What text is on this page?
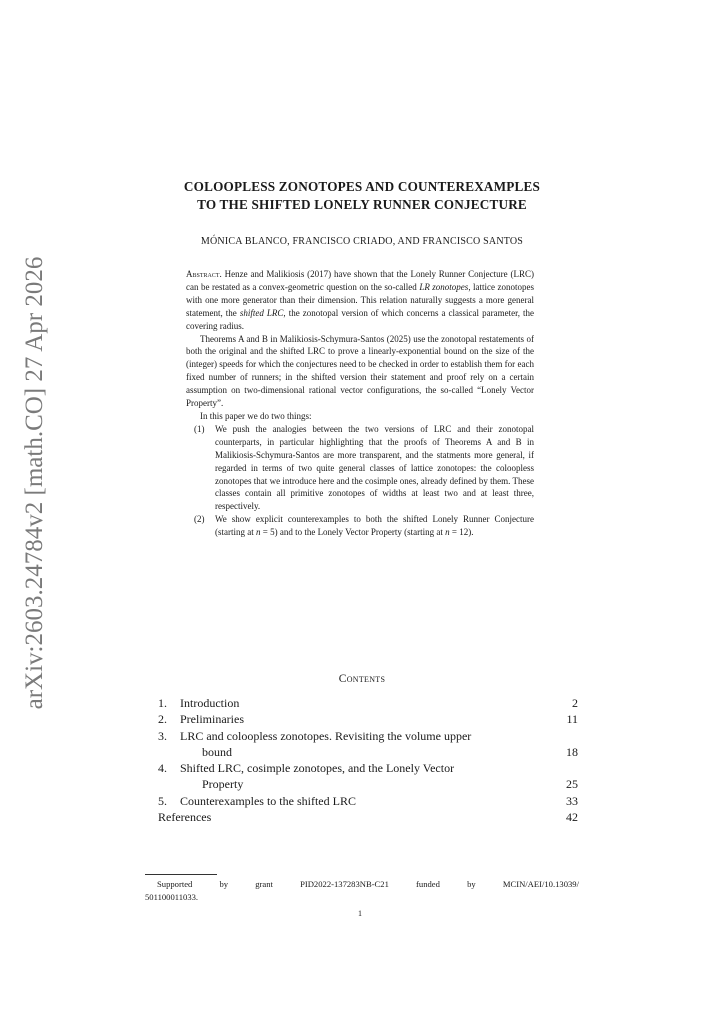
arXiv:2603.24784v2 [math.CO] 27 Apr 2026
COLOOPLESS ZONOTOPES AND COUNTEREXAMPLES
TO THE SHIFTED LONELY RUNNER CONJECTURE
MÓNICA BLANCO, FRANCISCO CRIADO, AND FRANCISCO SANTOS

Abstract. Henze and Malikiosis (2017) have shown that the Lonely Runner Conjecture (LRC) can be restated as a convex-geometric question on the so-called LR zonotopes, lattice zonotopes with one more generator than their dimension. This relation naturally suggests a more general statement, the shifted LRC, the zonotopal version of which concerns a classical parameter, the covering radius.

Theorems A and B in Malikiosis-Schymura-Santos (2025) use the zonotopal restatements of both the original and the shifted LRC to prove a linearly-exponential bound on the size of the (integer) speeds for which the conjectures need to be checked in order to establish them for each fixed number of runners; in the shifted version their statement and proof rely on a certain assumption on two-dimensional rational vector configurations, the so-called “Lonely Vector Property”.

In this paper we do two things:

(1) We push the analogies between the two versions of LRC and their zonotopal counterparts, in particular highlighting that the proofs of Theorems A and B in Malikiosis-Schymura-Santos are more transparent, and the statments more general, if regarded in terms of two quite general classes of lattice zonotopes: the coloopless zonotopes that we introduce here and the cosimple ones, already defined by them. These classes contain all primitive zonotopes of widths at least two and at least three, respectively.
(2) We show explicit counterexamples to both the shifted Lonely Runner Conjecture (starting at n = 5) and to the Lonely Vector Property (starting at n = 12).
Contents
1.	Introduction	2
2.	Preliminaries	11
3.	LRC and coloopless zonotopes. Revisiting the volume upper
bound	18
4.	Shifted LRC, cosimple zonotopes, and the Lonely Vector
Property	25
5.	Counterexamples to the shifted LRC	33
References	42
Supported by grant PID2022-137283NB-C21 funded by MCIN/AEI/10.13039/
501100011033.
1
